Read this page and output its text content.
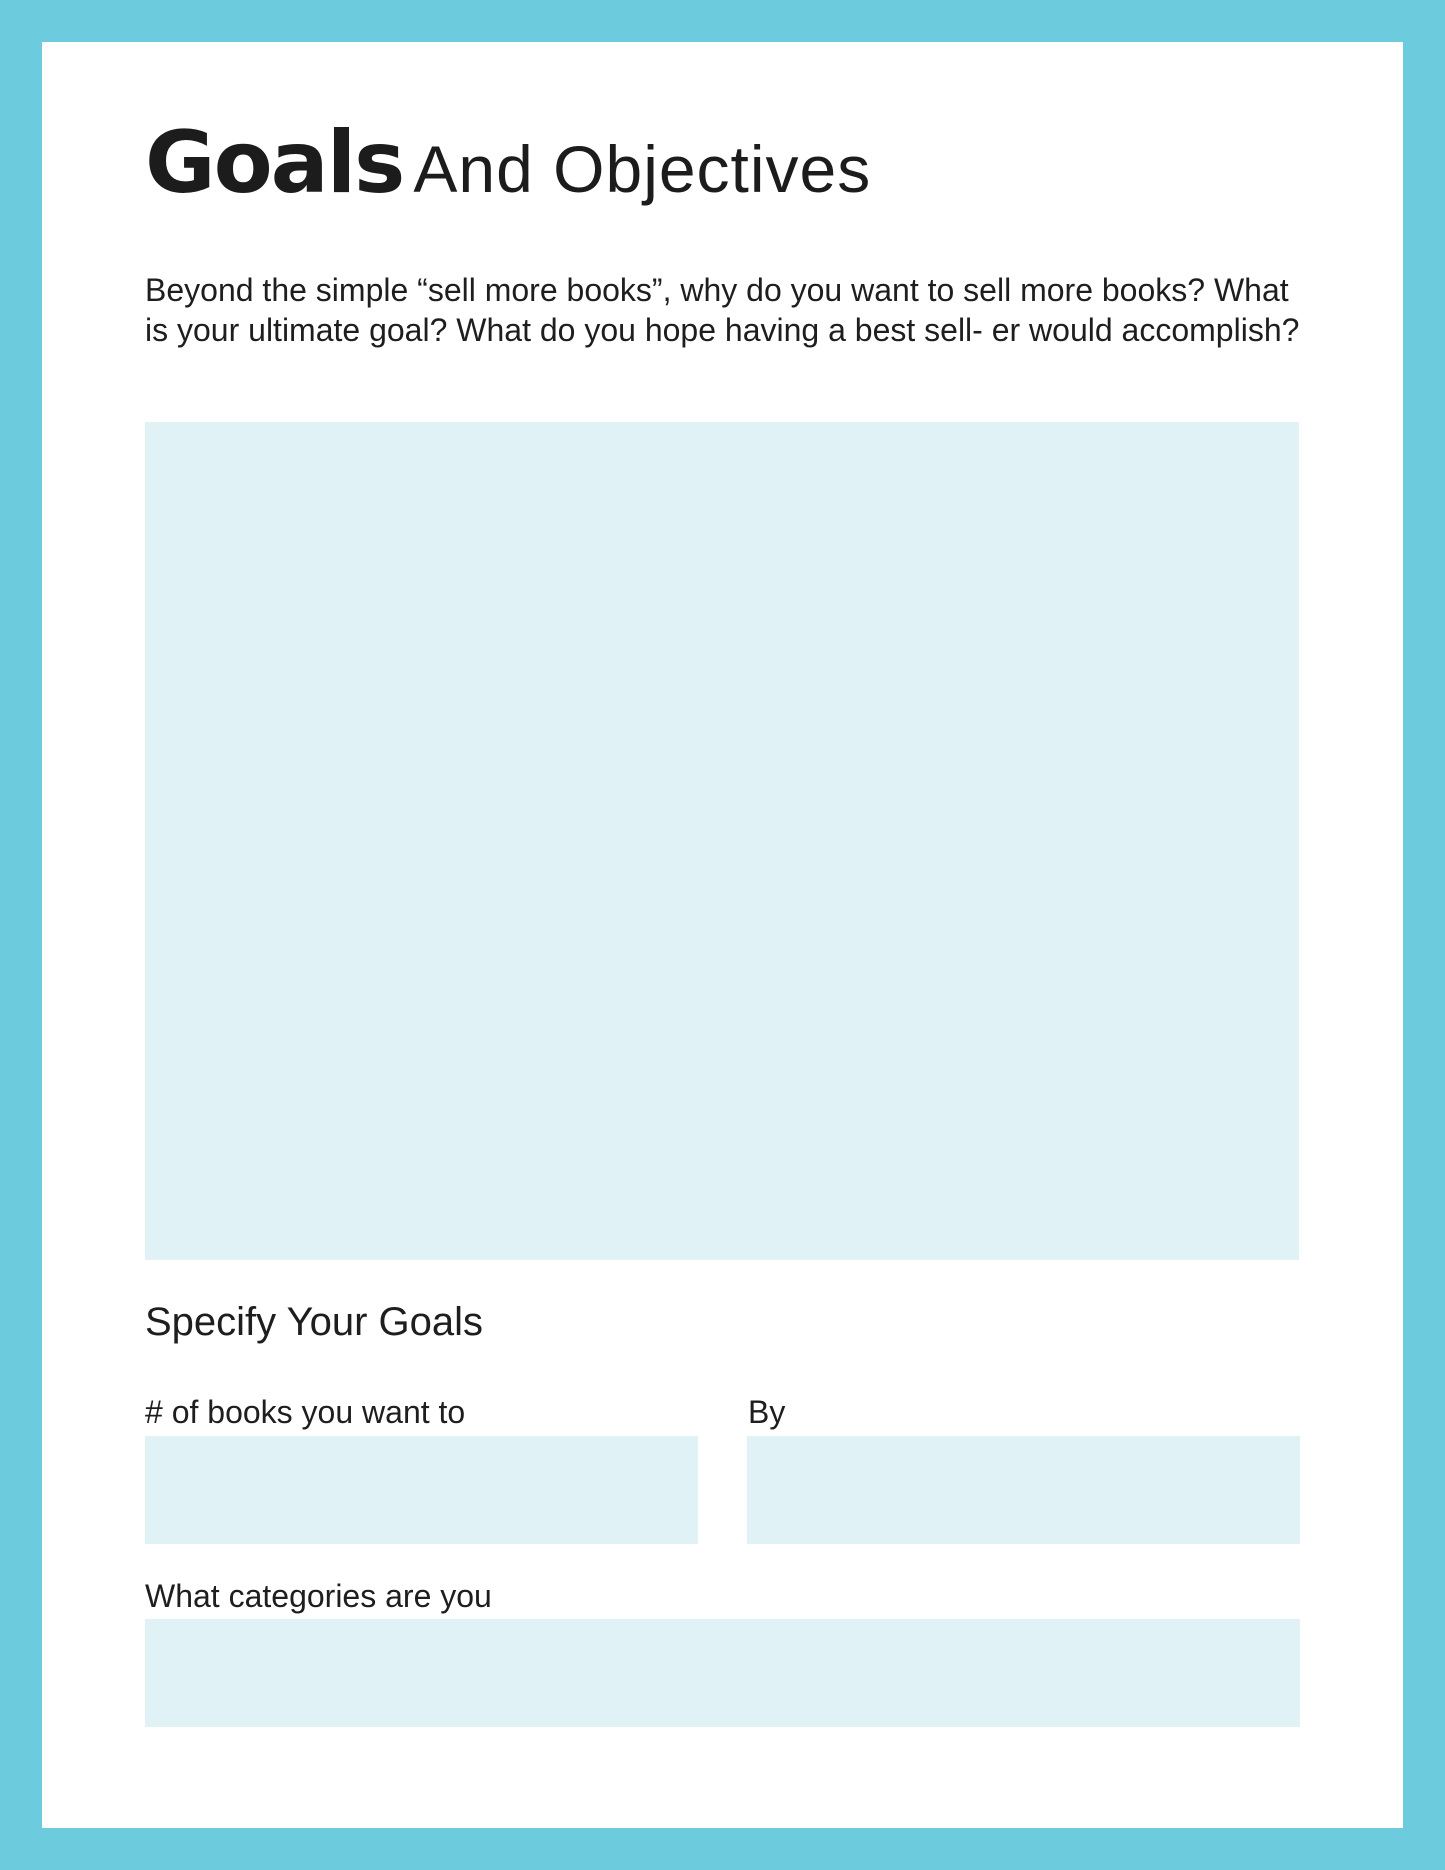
Goals And Objectives

Beyond the simple “sell more books”, why do you want to sell more books? What is your ultimate goal? What do you hope having a best sell- er would accomplish?

Specify Your Goals

# of books you want to	By

What categories are you
